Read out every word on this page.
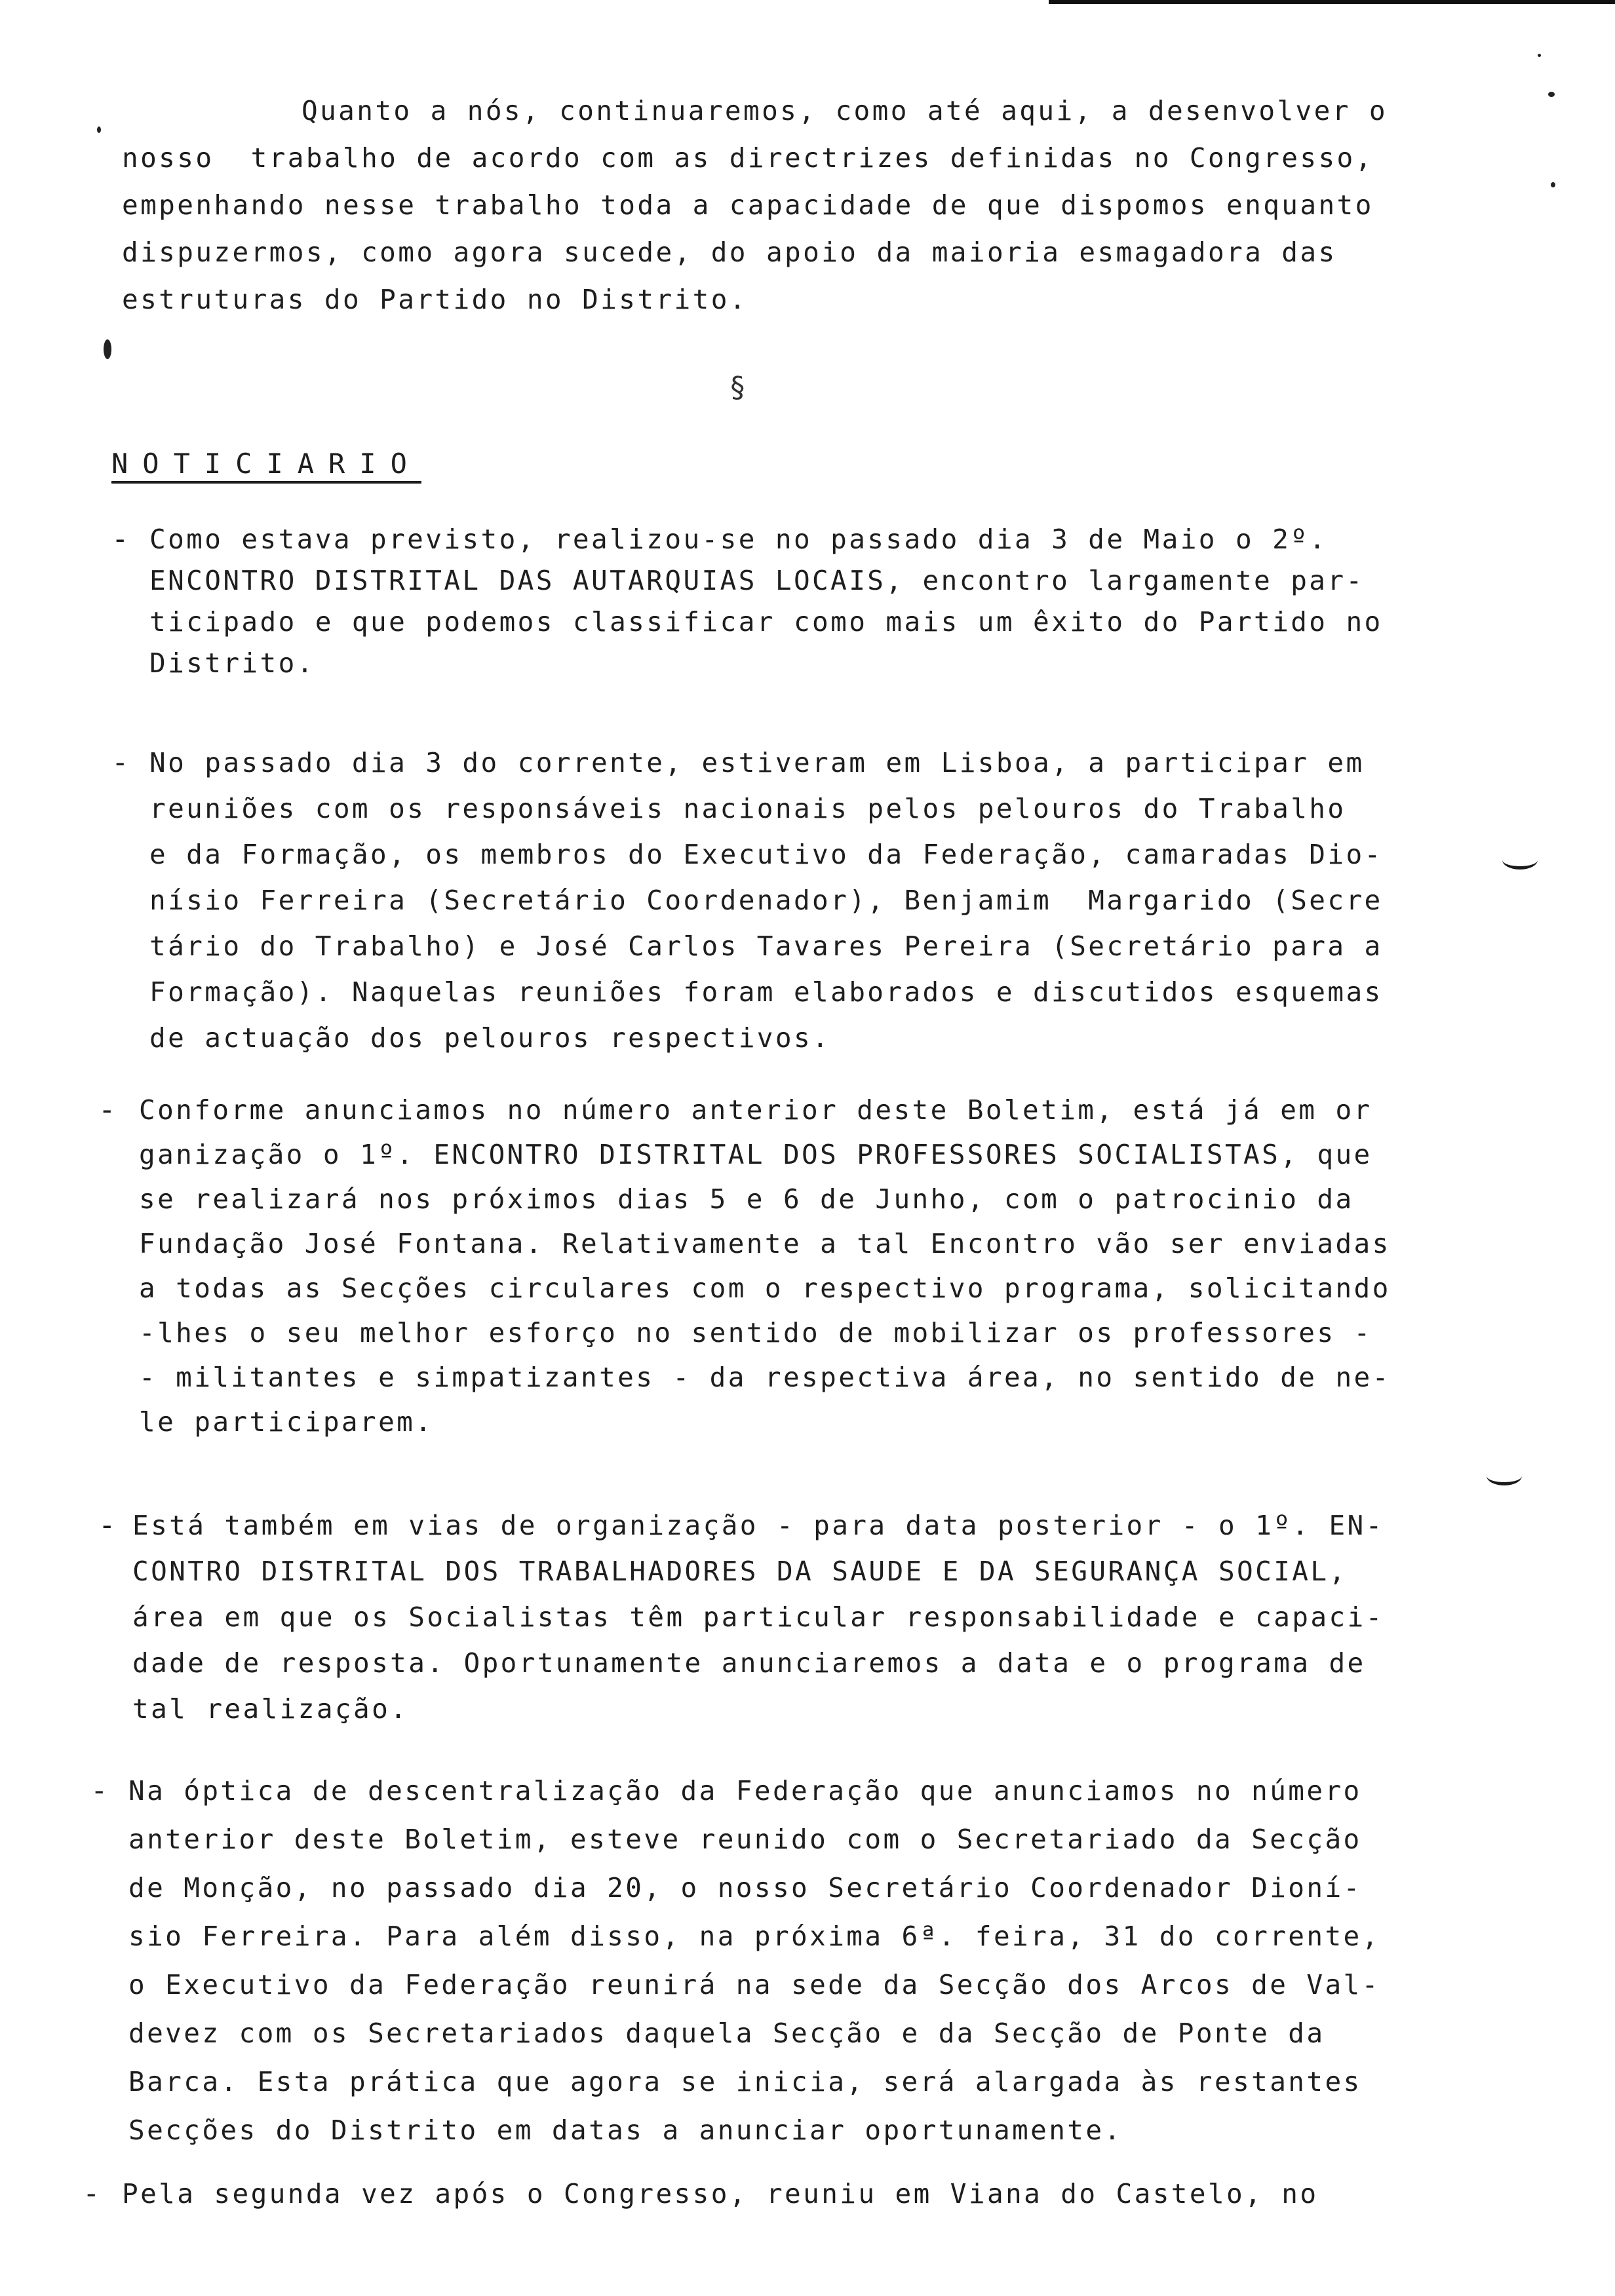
Quanto a nós, continuaremos, como até aqui, a desenvolver o
nosso  trabalho de acordo com as directrizes definidas no Congresso,
empenhando nesse trabalho toda a capacidade de que dispomos enquanto
dispuzermos, como agora sucede, do apoio da maioria esmagadora das
estruturas do Partido no Distrito.
§
NOTICIARIO
- Como estava previsto, realizou-se no passado dia 3 de Maio o 2º.
ENCONTRO DISTRITAL DAS AUTARQUIAS LOCAIS, encontro largamente par-
ticipado e que podemos classificar como mais um êxito do Partido no
Distrito.
- No passado dia 3 do corrente, estiveram em Lisboa, a participar em
reuniões com os responsáveis nacionais pelos pelouros do Trabalho
e da Formação, os membros do Executivo da Federação, camaradas Dio-
nísio Ferreira (Secretário Coordenador), Benjamim  Margarido (Secre
tário do Trabalho) e José Carlos Tavares Pereira (Secretário para a
Formação). Naquelas reuniões foram elaborados e discutidos esquemas
de actuação dos pelouros respectivos.
- Conforme anunciamos no número anterior deste Boletim, está já em or
ganização o 1º. ENCONTRO DISTRITAL DOS PROFESSORES SOCIALISTAS, que
se realizará nos próximos dias 5 e 6 de Junho, com o patrocinio da
Fundação José Fontana. Relativamente a tal Encontro vão ser enviadas
a todas as Secções circulares com o respectivo programa, solicitando
-lhes o seu melhor esforço no sentido de mobilizar os professores -
- militantes e simpatizantes - da respectiva área, no sentido de ne-
le participarem.
- Está também em vias de organização - para data posterior - o 1º. EN-
CONTRO DISTRITAL DOS TRABALHADORES DA SAUDE E DA SEGURANÇA SOCIAL,
área em que os Socialistas têm particular responsabilidade e capaci-
dade de resposta. Oportunamente anunciaremos a data e o programa de
tal realização.
- Na óptica de descentralização da Federação que anunciamos no número
anterior deste Boletim, esteve reunido com o Secretariado da Secção
de Monção, no passado dia 20, o nosso Secretário Coordenador Dioní-
sio Ferreira. Para além disso, na próxima 6ª. feira, 31 do corrente,
o Executivo da Federação reunirá na sede da Secção dos Arcos de Val-
devez com os Secretariados daquela Secção e da Secção de Ponte da
Barca. Esta prática que agora se inicia, será alargada às restantes
Secções do Distrito em datas a anunciar oportunamente.
- Pela segunda vez após o Congresso, reuniu em Viana do Castelo, no
